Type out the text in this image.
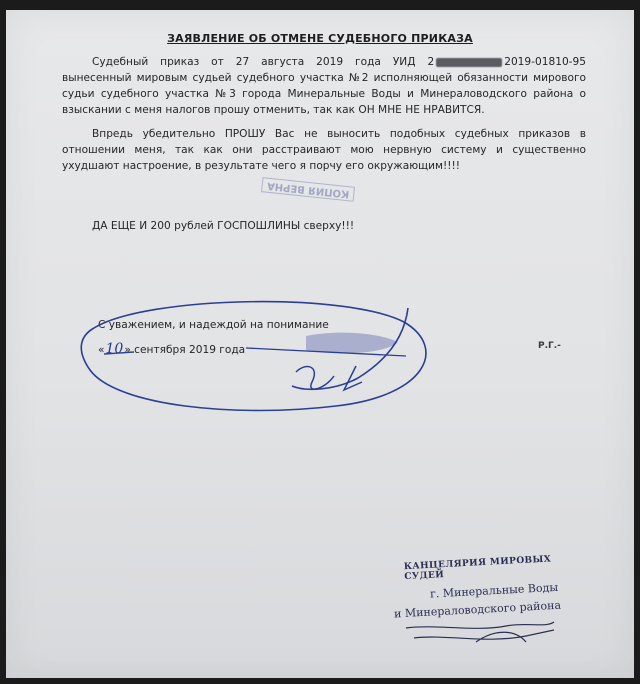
ЗАЯВЛЕНИЕ ОБ ОТМЕНЕ СУДЕБНОГО ПРИКАЗА
Судебный приказ от 27 августа 2019 года УИД 2	2019-01810-95 вынесенный мировым судьей судебного участка №2 исполняющей обязанности мирового судьи судебного участка №3 города Минеральные Воды и Минераловодского района о взыскании с меня налогов прошу отменить, так как ОН МНЕ НЕ НРАВИТСЯ.
Впредь убедительно ПРОШУ Вас не выносить подобных судебных приказов в отношении меня, так как они расстраивают мою нервную систему и существенно ухудшают настроение, в результате чего я порчу его окружающим!!!!
КОПИЯ ВЕРНА
ДА ЕЩЕ И 200 рублей ГОСПОШЛИНЫ сверху!!!
С уважением, и надеждой на понимание
«10» сентября 2019 года	Р.Г.-
КАНЦЕЛЯРИЯ МИРОВЫХ СУДЕЙ
г. Минеральные Воды
и Минераловодского района
